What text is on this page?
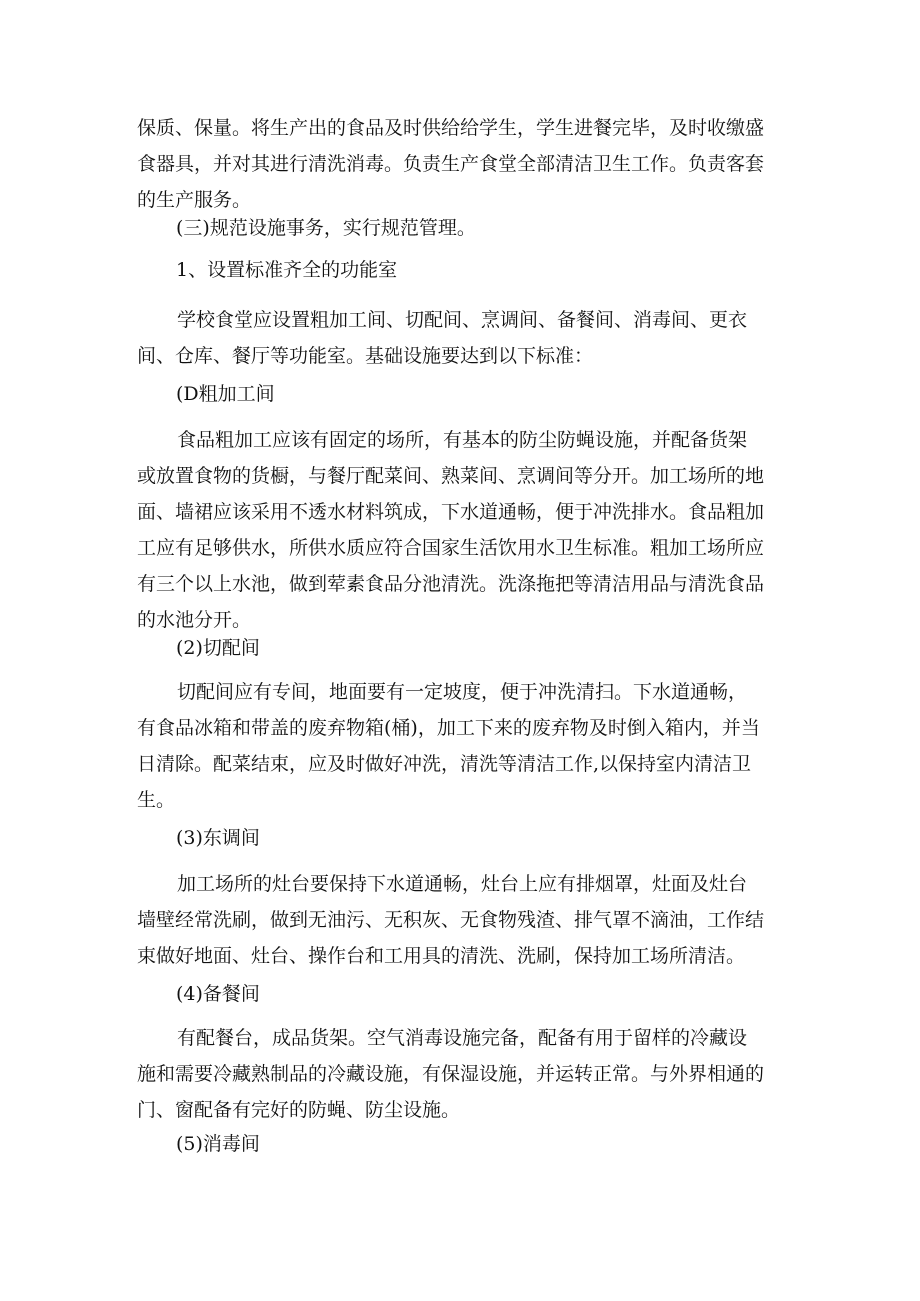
保质、保量。将生产出的食品及时供给给学生，学生进餐完毕，及时收缴盛
食器具，并对其进行清洗消毒。负责生产食堂全部清洁卫生工作。负责客套
的生产服务。

(三)规范设施事务，实行规范管理。

1、设置标准齐全的功能室

学校食堂应设置粗加工间、切配间、烹调间、备餐间、消毒间、更衣
间、仓库、餐厅等功能室。基础设施要达到以下标准：

(D粗加工间

食品粗加工应该有固定的场所，有基本的防尘防蝇设施，并配备货架
或放置食物的货橱，与餐厅配菜间、熟菜间、烹调间等分开。加工场所的地
面、墙裙应该采用不透水材料筑成，下水道通畅，便于冲洗排水。食品粗加
工应有足够供水，所供水质应符合国家生活饮用水卫生标准。粗加工场所应
有三个以上水池，做到荤素食品分池清洗。洗涤拖把等清洁用品与清洗食品
的水池分开。

(2)切配间

切配间应有专间，地面要有一定坡度，便于冲洗清扫。下水道通畅，
有食品冰箱和带盖的废弃物箱(桶)，加工下来的废弃物及时倒入箱内，并当
日清除。配菜结束，应及时做好冲洗，清洗等清洁工作,以保持室内清洁卫
生。

(3)东调间

加工场所的灶台要保持下水道通畅，灶台上应有排烟罩，灶面及灶台
墙壁经常洗刷，做到无油污、无积灰、无食物残渣、排气罩不滴油，工作结
束做好地面、灶台、操作台和工用具的清洗、洗刷，保持加工场所清洁。

(4)备餐间

有配餐台，成品货架。空气消毒设施完备，配备有用于留样的冷藏设
施和需要冷藏熟制品的冷藏设施，有保湿设施，并运转正常。与外界相通的
门、窗配备有完好的防蝇、防尘设施。

(5)消毒间
